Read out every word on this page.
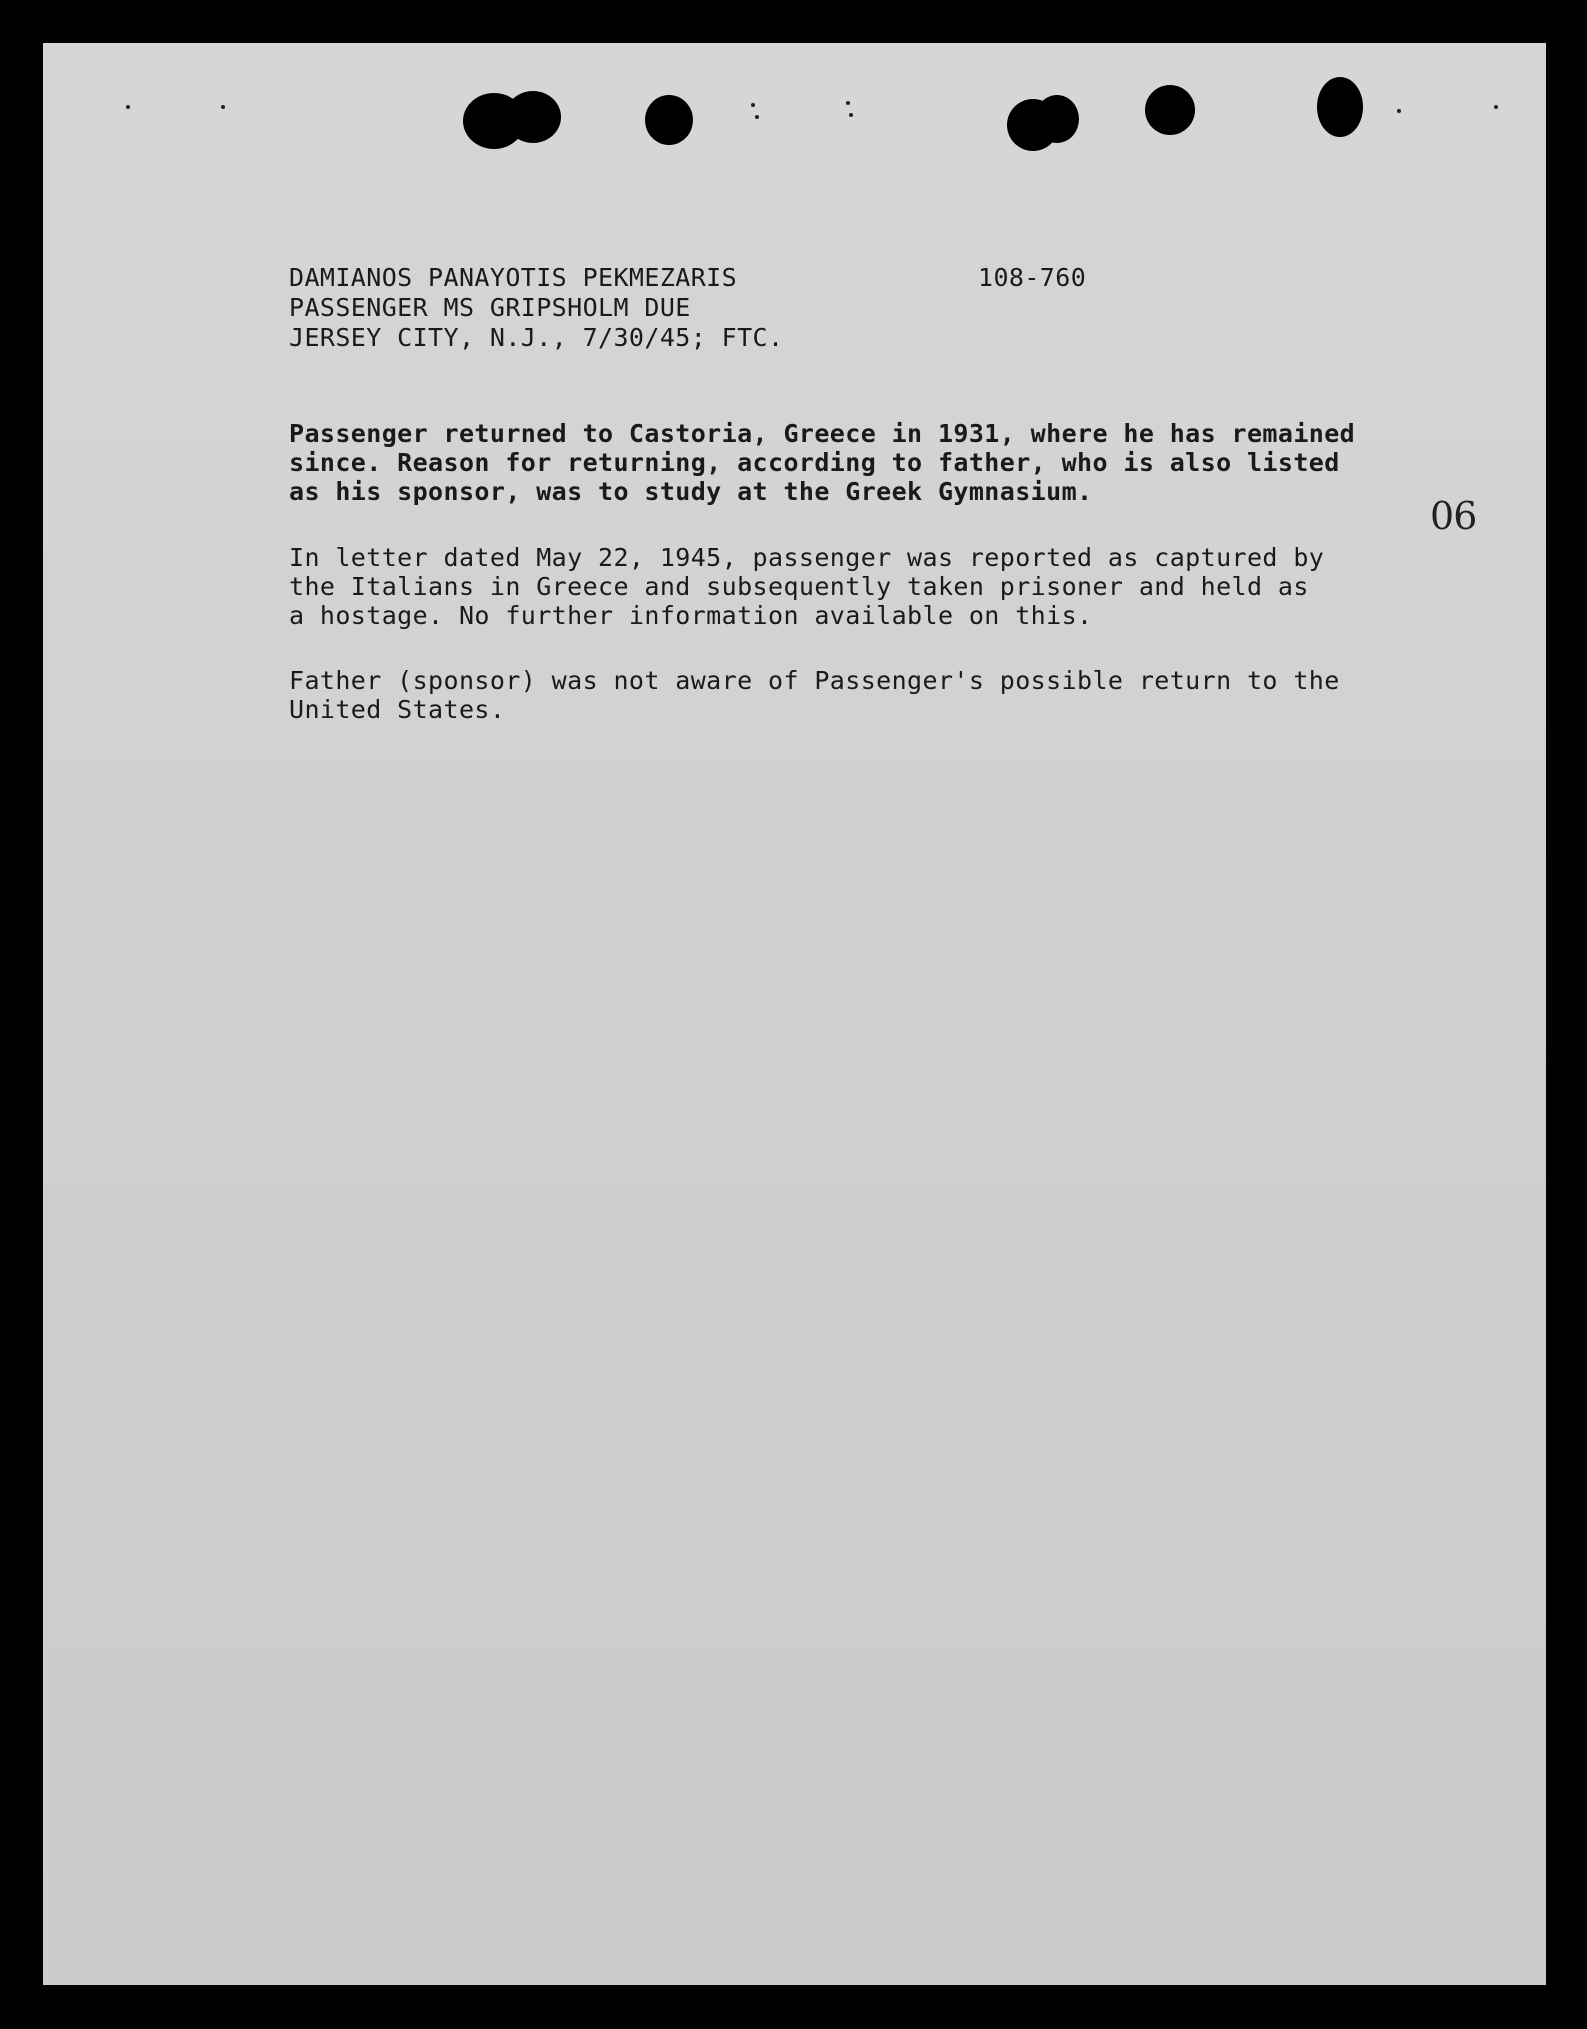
DAMIANOS PANAYOTIS PEKMEZARIS
PASSENGER MS GRIPSHOLM DUE
JERSEY CITY, N.J., 7/30/45; FTC.
108-760
Passenger returned to Castoria, Greece in 1931, where he has remained
since. Reason for returning, according to father, who is also listed
as his sponsor, was to study at the Greek Gymnasium.
In letter dated May 22, 1945, passenger was reported as captured by
the Italians in Greece and subsequently taken prisoner and held as
a hostage. No further information available on this.
Father (sponsor) was not aware of Passenger's possible return to the
United States.
90
